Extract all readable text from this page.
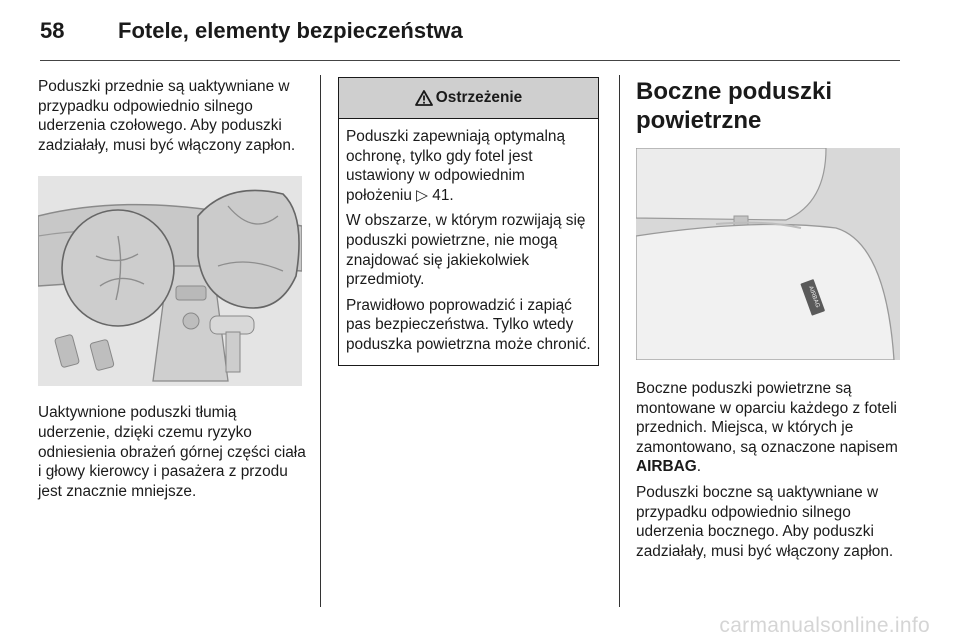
58 Fotele, elementy bezpieczeństwa

Poduszki przednie są uaktywniane w przypadku odpowiednio silnego uderzenia czołowego. Aby poduszki zadziałały, musi być włączony zapłon.

Uaktywnione poduszki tłumią uderzenie, dzięki czemu ryzyko odniesienia obrażeń górnej części ciała i głowy kierowcy i pasażera z przodu jest znacznie mniejsze.

Ostrzeżenie

Poduszki zapewniają optymalną ochronę, tylko gdy fotel jest ustawiony w odpowiednim położeniu ▷ 41.

W obszarze, w którym rozwijają się poduszki powietrzne, nie mogą znajdować się jakiekolwiek przedmioty.

Prawidłowo poprowadzić i zapiąć pas bezpieczeństwa. Tylko wtedy poduszka powietrzna może chronić.

Boczne poduszki powietrzne
AIRBAG

Boczne poduszki powietrzne są montowane w oparciu każdego z foteli przednich. Miejsca, w których je zamontowano, są oznaczone napisem AIRBAG.

Poduszki boczne są uaktywniane w przypadku odpowiednio silnego uderzenia bocznego. Aby poduszki zadziałały, musi być włączony zapłon.

carmanualsonline.info
